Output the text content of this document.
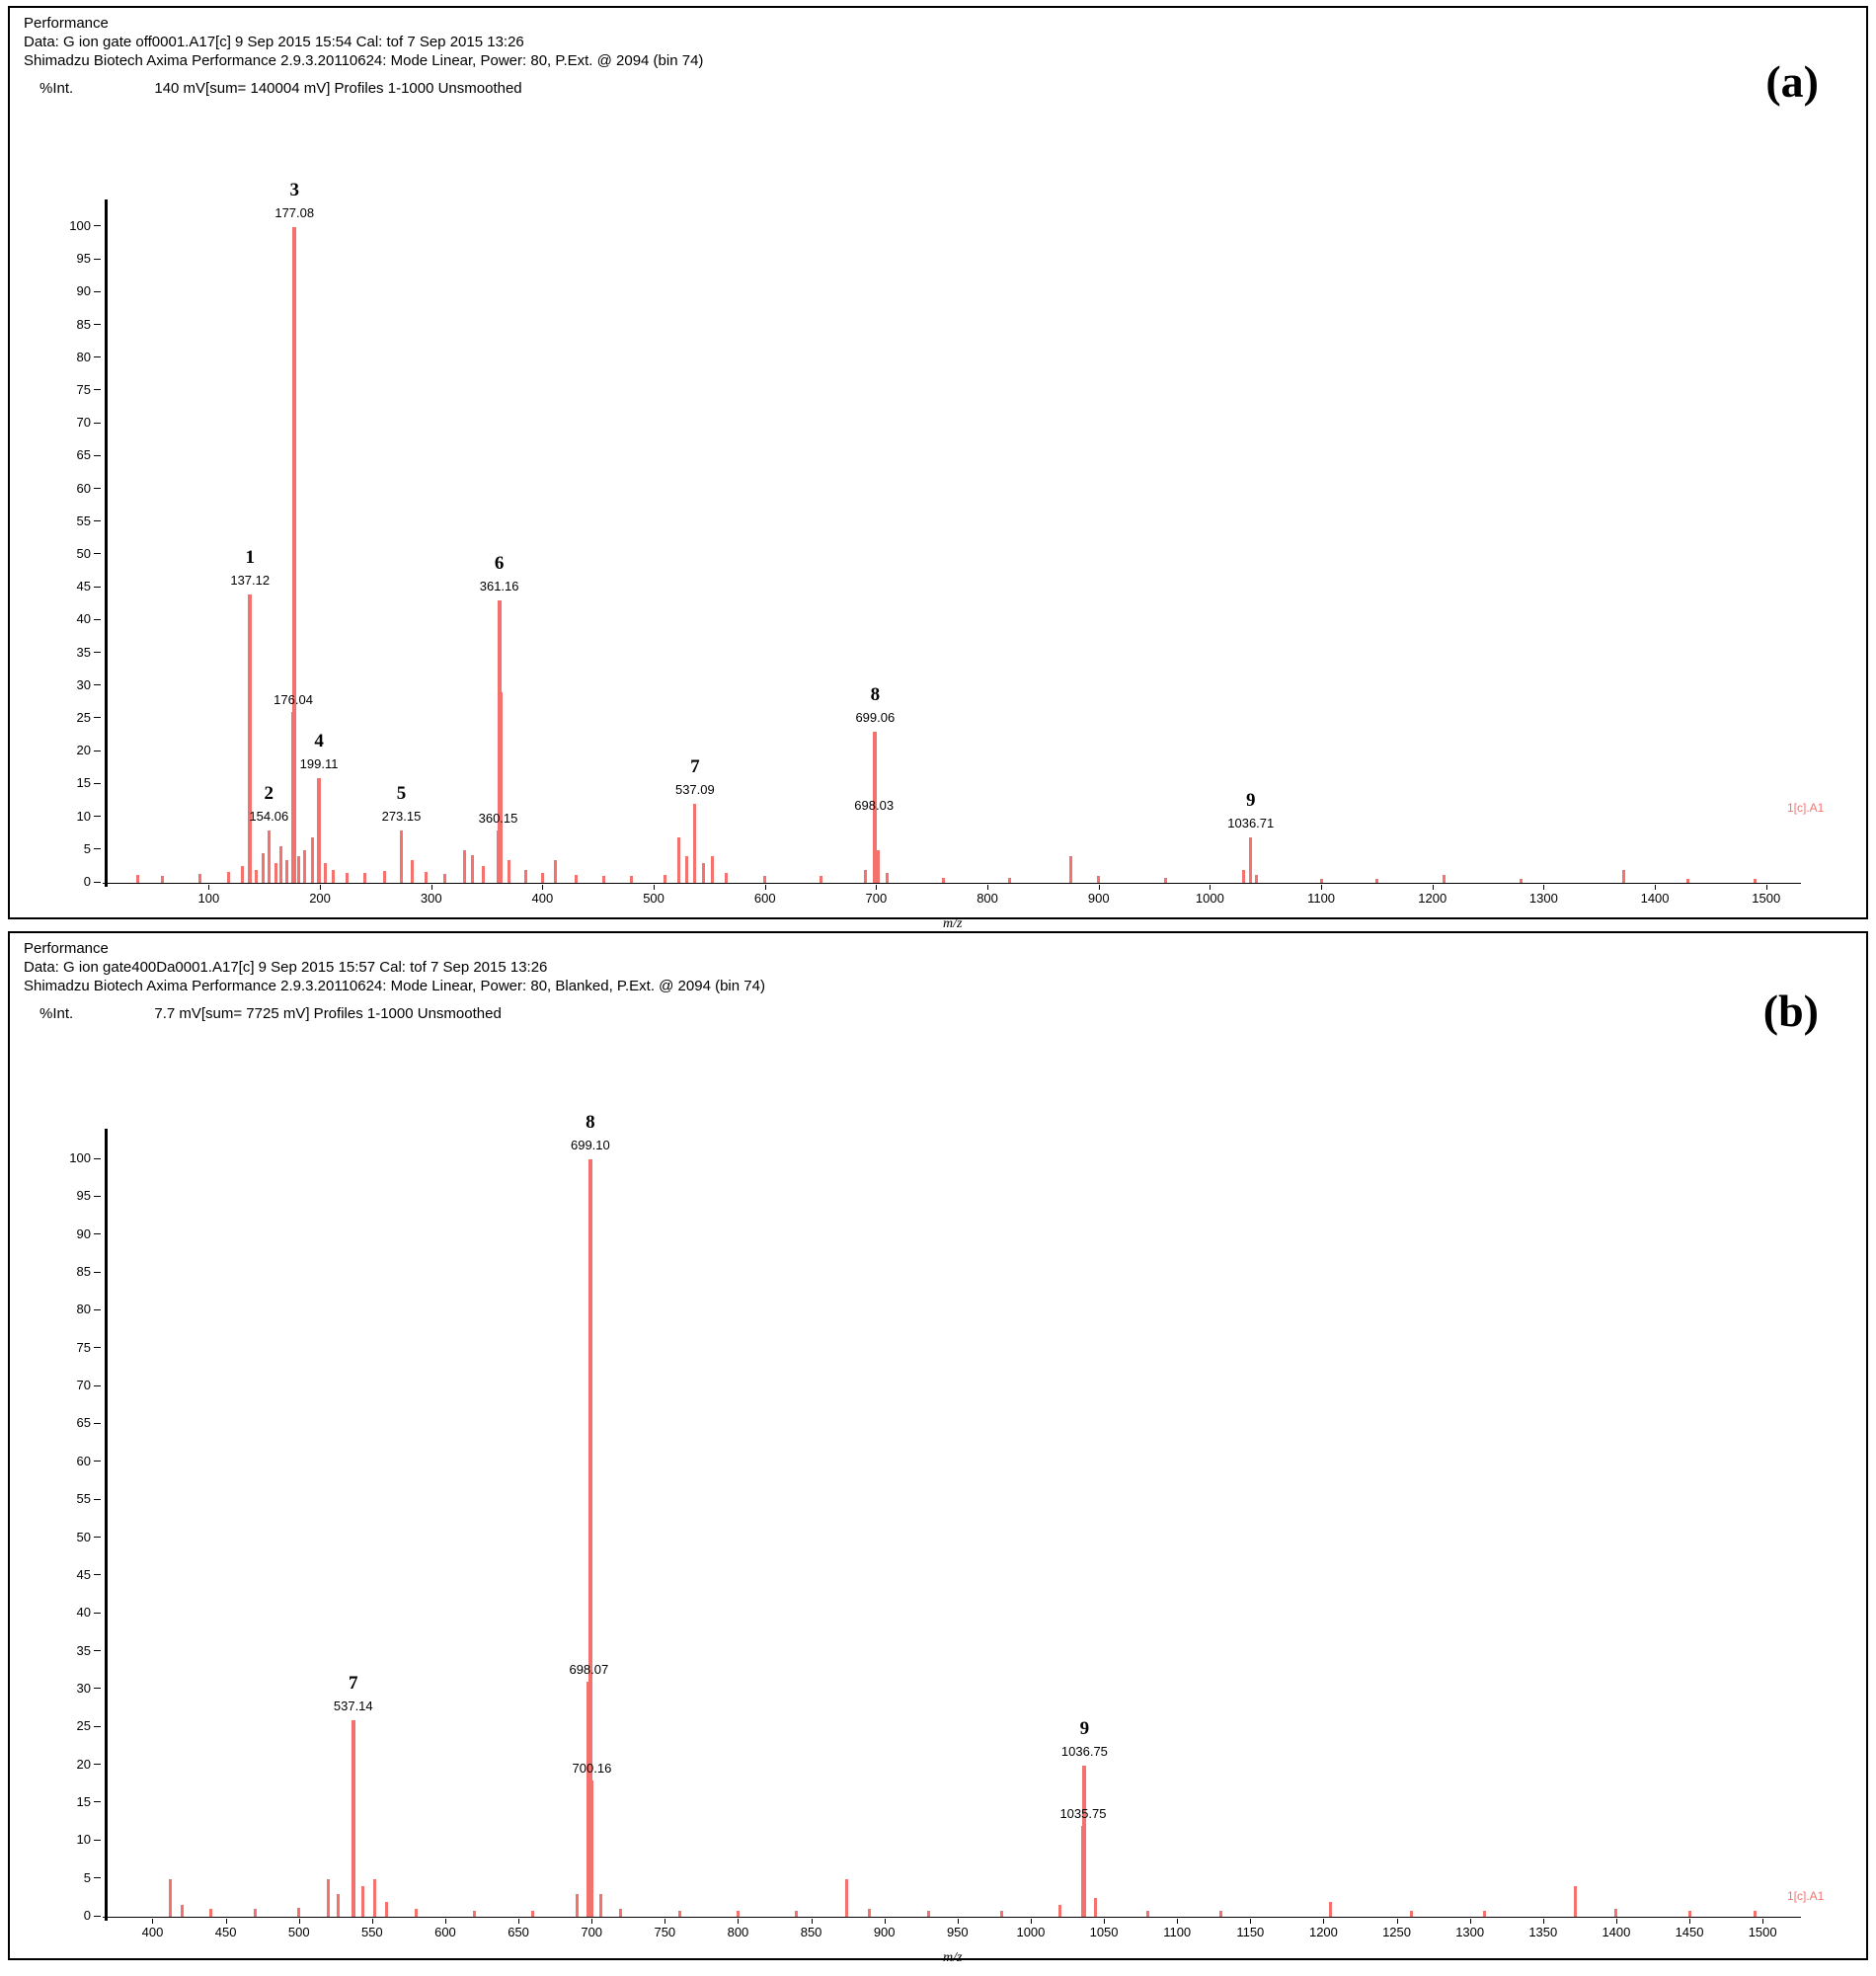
Performance
Data: G ion gate off0001.A17[c] 9 Sep 2015 15:54 Cal: tof 7 Sep 2015 13:26
Shimadzu Biotech Axima Performance 2.9.3.20110624: Mode Linear, Power: 80, P.Ext. @ 2094 (bin 74)
%Int.	140 mV[sum= 140004 mV] Profiles 1-1000 Unsmoothed	(a)
0
5
10
15
20
25
30
35
40
45
50
55
60
65
70
75
80
85
90
95
100
100	200	300	400	500	600	700	800	900	1000	1100	1200	1300	1400	1500
176.04
360.15
698.03
137.12
1
154.06
2
177.08
3
199.11
4
273.15
5
361.16
6
537.09
7
699.06
8
1036.71
9
m/z
1[c].A1
Performance
Data: G ion gate400Da0001.A17[c] 9 Sep 2015 15:57 Cal: tof 7 Sep 2015 13:26
Shimadzu Biotech Axima Performance 2.9.3.20110624: Mode Linear, Power: 80, Blanked, P.Ext. @ 2094 (bin 74)
%Int.	7.7 mV[sum= 7725 mV] Profiles 1-1000 Unsmoothed	(b)
0
5
10
15
20
25
30
35
40
45
50
55
60
65
70
75
80
85
90
95
100
400	450	500	550	600	650	700	750	800	850	900	950	1000	1050	1100	1150	1200	1250	1300	1350	1400	1450	1500
698.07
700.16
1035.75
537.14
7
699.10
8
1036.75
9
m/z
1[c].A1
